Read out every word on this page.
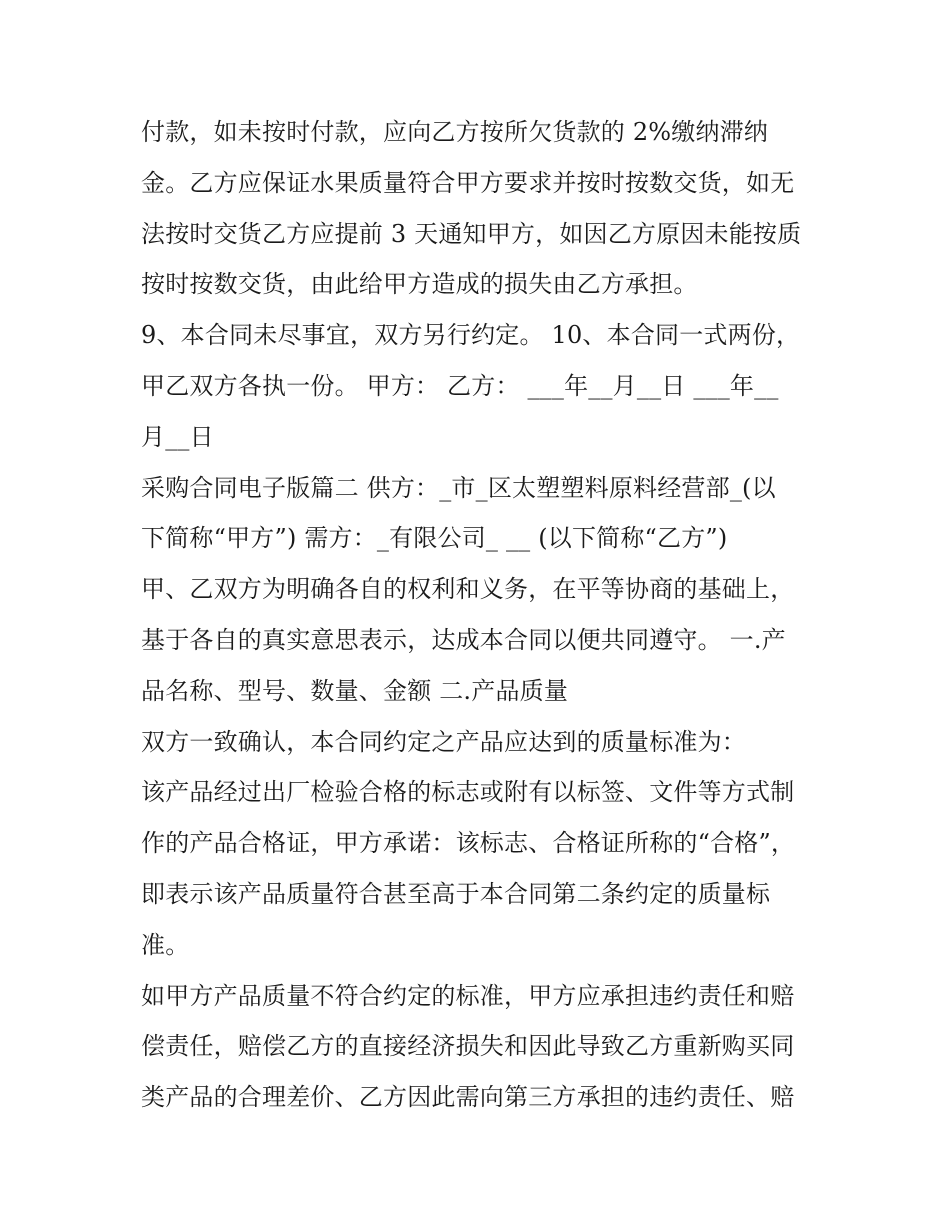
付款，如未按时付款，应向乙方按所欠货款的 2%缴纳滞纳
金。乙方应保证水果质量符合甲方要求并按时按数交货，如无
法按时交货乙方应提前 3 天通知甲方，如因乙方原因未能按质
按时按数交货，由此给甲方造成的损失由乙方承担。
9、本合同未尽事宜，双方另行约定。 10、本合同一式两份，
甲乙双方各执一份。 甲方： 乙方： ___年__月__日 ___年__
月__日
采购合同电子版篇二 供方：_市_区太塑塑料原料经营部_(以
下简称“甲方”) 需方：_有限公司_ __ (以下简称“乙方”)
甲、乙双方为明确各自的权利和义务，在平等协商的基础上，
基于各自的真实意思表示，达成本合同以便共同遵守。 一.产
品名称、型号、数量、金额 二.产品质量
双方一致确认，本合同约定之产品应达到的质量标准为：
该产品经过出厂检验合格的标志或附有以标签、文件等方式制
作的产品合格证，甲方承诺：该标志、合格证所称的“合格”，
即表示该产品质量符合甚至高于本合同第二条约定的质量标
准。
如甲方产品质量不符合约定的标准，甲方应承担违约责任和赔
偿责任，赔偿乙方的直接经济损失和因此导致乙方重新购买同
类产品的合理差价、乙方因此需向第三方承担的违约责任、赔
